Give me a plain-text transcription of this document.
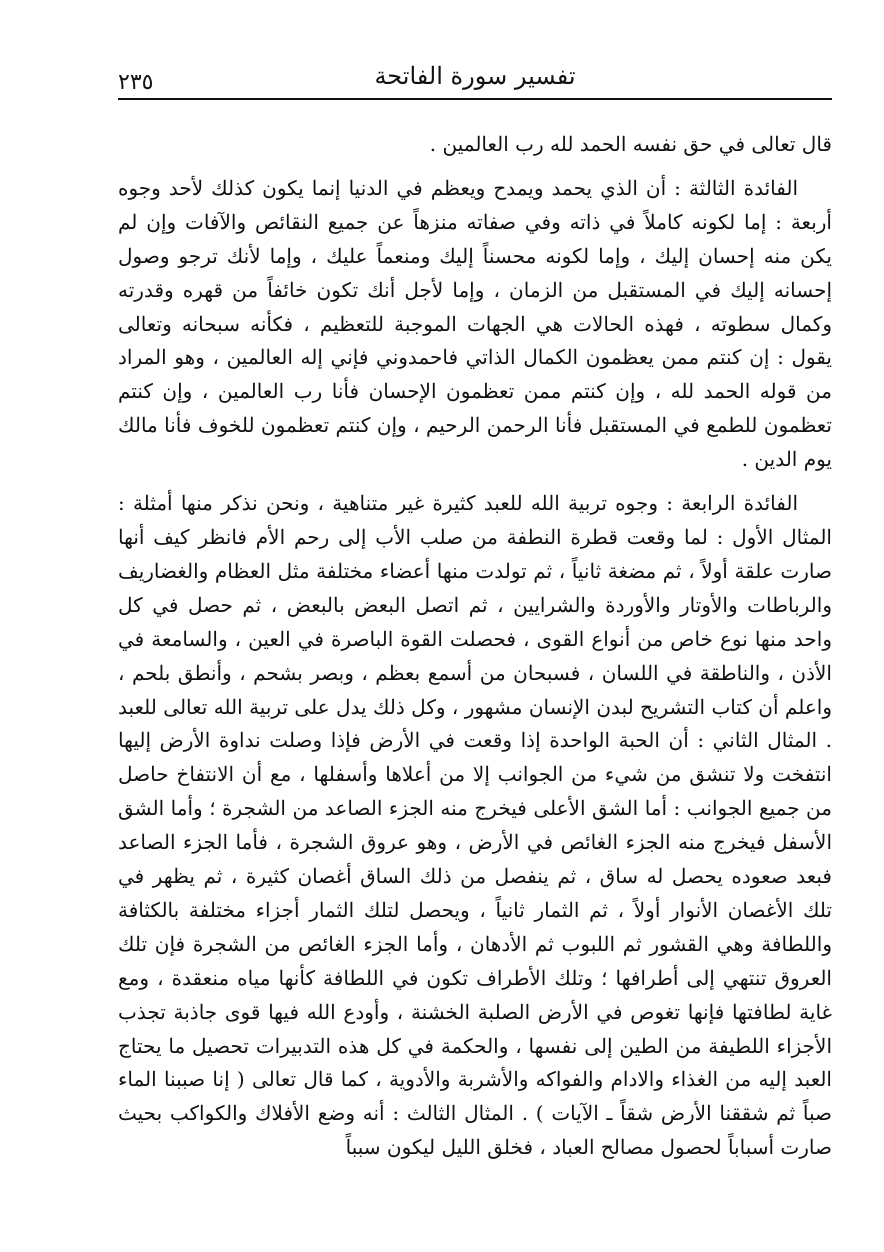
تفسير سورة الفاتحة
٢٣٥

قال تعالى في حق نفسه الحمد لله رب العالمين .

الفائدة الثالثة : أن الذي يحمد ويمدح ويعظم في الدنيا إنما يكون كذلك لأحد وجوه أربعة : إما لكونه كاملاً في ذاته وفي صفاته منزهاً عن جميع النقائص والآفات وإن لم يكن منه إحسان إليك ، وإما لكونه محسناً إليك ومنعماً عليك ، وإما لأنك ترجو وصول إحسانه إليك في المستقبل من الزمان ، وإما لأجل أنك تكون خائفاً من قهره وقدرته وكمال سطوته ، فهذه الحالات هي الجهات الموجبة للتعظيم ، فكأنه سبحانه وتعالى يقول : إن كنتم ممن يعظمون الكمال الذاتي فاحمدوني فإني إله العالمين ، وهو المراد من قوله الحمد لله ، وإن كنتم ممن تعظمون الإحسان فأنا رب العالمين ، وإن كنتم تعظمون للطمع في المستقبل فأنا الرحمن الرحيم ، وإن كنتم تعظمون للخوف فأنا مالك يوم الدين .

الفائدة الرابعة : وجوه تربية الله للعبد كثيرة غير متناهية ، ونحن نذكر منها أمثلة : المثال الأول : لما وقعت قطرة النطفة من صلب الأب إلى رحم الأم فانظر كيف أنها صارت علقة أولاً ، ثم مضغة ثانياً ، ثم تولدت منها أعضاء مختلفة مثل العظام والغضاريف والرباطات والأوتار والأوردة والشرايين ، ثم اتصل البعض بالبعض ، ثم حصل في كل واحد منها نوع خاص من أنواع القوى ، فحصلت القوة الباصرة في العين ، والسامعة في الأذن ، والناطقة في اللسان ، فسبحان من أسمع بعظم ، وبصر بشحم ، وأنطق بلحم ، واعلم أن كتاب التشريح لبدن الإنسان مشهور ، وكل ذلك يدل على تربية الله تعالى للعبد . المثال الثاني : أن الحبة الواحدة إذا وقعت في الأرض فإذا وصلت نداوة الأرض إليها انتفخت ولا تنشق من شيء من الجوانب إلا من أعلاها وأسفلها ، مع أن الانتفاخ حاصل من جميع الجوانب : أما الشق الأعلى فيخرج منه الجزء الصاعد من الشجرة ؛ وأما الشق الأسفل فيخرج منه الجزء الغائص في الأرض ، وهو عروق الشجرة ، فأما الجزء الصاعد فبعد صعوده يحصل له ساق ، ثم ينفصل من ذلك الساق أغصان كثيرة ، ثم يظهر في تلك الأغصان الأنوار أولاً ، ثم الثمار ثانياً ، ويحصل لتلك الثمار أجزاء مختلفة بالكثافة واللطافة وهي القشور ثم اللبوب ثم الأدهان ، وأما الجزء الغائص من الشجرة فإن تلك العروق تنتهي إلى أطرافها ؛ وتلك الأطراف تكون في اللطافة كأنها مياه منعقدة ، ومع غاية لطافتها فإنها تغوص في الأرض الصلبة الخشنة ، وأودع الله فيها قوى جاذبة تجذب الأجزاء اللطيفة من الطين إلى نفسها ، والحكمة في كل هذه التدبيرات تحصيل ما يحتاج العبد إليه من الغذاء والادام والفواكه والأشربة والأدوية ، كما قال تعالى ( إنا صببنا الماء صباً ثم شققنا الأرض شقاً ـ الآيات ) . المثال الثالث : أنه وضع الأفلاك والكواكب بحيث صارت أسباباً لحصول مصالح العباد ، فخلق الليل ليكون سبباً
